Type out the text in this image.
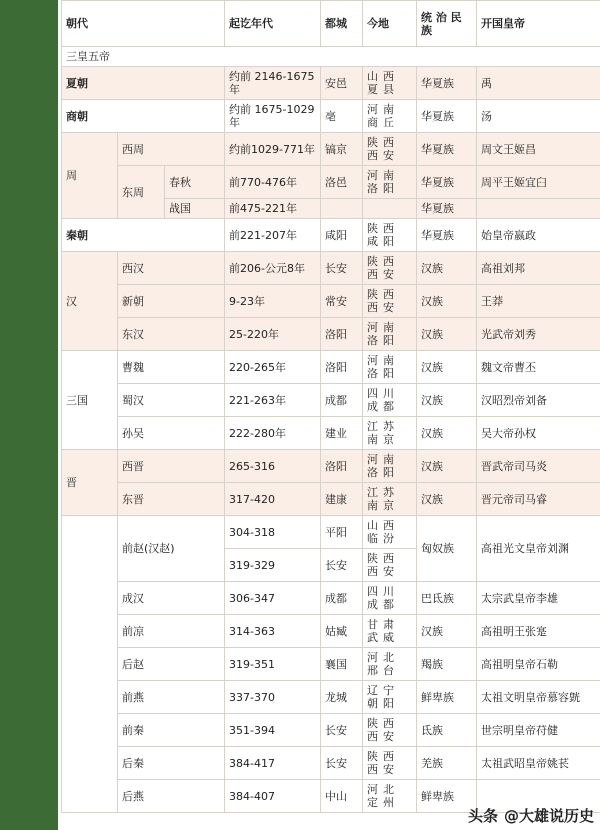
朝代			起讫年代	都城	今地	统 治 民族	开国皇帝
三皇五帝							
夏朝			约前 2146-1675 年	安邑	山西夏县	华夏族	禹
商朝			约前 1675-1029 年	亳	河南商丘	华夏族	汤
周	西周		约前1029-771年	镐京	陕西西安	华夏族	周文王姬昌
	东周	春秋	前770-476年	洛邑	河南洛阳	华夏族	周平王姬宜臼
		战国	前475-221年			华夏族	
秦朝			前221-207年	咸阳	陕西咸阳	华夏族	始皇帝嬴政
汉	西汉		前206-公元8年	长安	陕西西安	汉族	高祖刘邦
	新朝		9-23年	常安	陕西西安	汉族	王莽
	东汉		25-220年	洛阳	河南洛阳	汉族	光武帝刘秀
三国	曹魏		220-265年	洛阳	河南洛阳	汉族	魏文帝曹丕
	蜀汉		221-263年	成都	四川成都	汉族	汉昭烈帝刘备
	孙吴		222-280年	建业	江苏南京	汉族	吴大帝孙权
晋	西晋		265-316	洛阳	河南洛阳	汉族	晋武帝司马炎
	东晋		317-420	建康	江苏南京	汉族	晋元帝司马睿
	前赵(汉赵)		304-318	平阳	山西临汾	匈奴族	高祖光文皇帝刘渊
			319-329	长安	陕西西安		
	成汉		306-347	成都	四川成都	巴氐族	太宗武皇帝李雄
	前凉		314-363	姑臧	甘肃武威	汉族	高祖明王张寔
	后赵		319-351	襄国	河北邢台	羯族	高祖明皇帝石勒
	前燕		337-370	龙城	辽宁朝阳	鲜卑族	太祖文明皇帝慕容皝
	前秦		351-394	长安	陕西西安	氐族	世宗明皇帝苻健
	后秦		384-417	长安	陕西西安	羌族	太祖武昭皇帝姚苌
	后燕		384-407	中山	河北定州	鲜卑族	
头条 @大雄说历史
